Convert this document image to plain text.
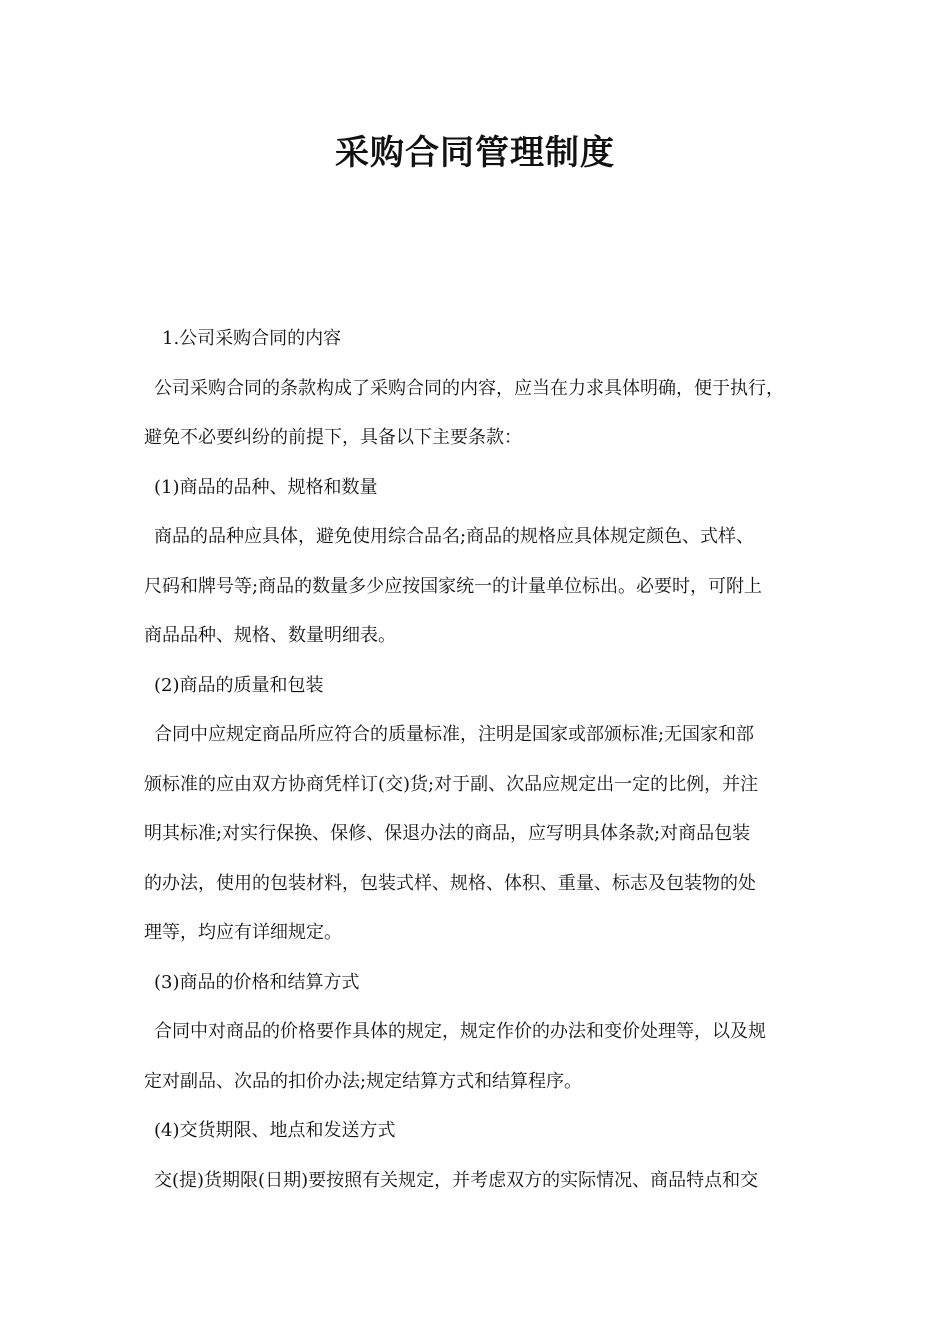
采购合同管理制度
1.公司采购合同的内容
公司采购合同的条款构成了采购合同的内容，应当在力求具体明确，便于执行，
避免不必要纠纷的前提下，具备以下主要条款：
(1)商品的品种、规格和数量
商品的品种应具体，避免使用综合品名;商品的规格应具体规定颜色、式样、
尺码和牌号等;商品的数量多少应按国家统一的计量单位标出。必要时，可附上
商品品种、规格、数量明细表。
(2)商品的质量和包装
合同中应规定商品所应符合的质量标准，注明是国家或部颁标准;无国家和部
颁标准的应由双方协商凭样订(交)货;对于副、次品应规定出一定的比例，并注
明其标准;对实行保换、保修、保退办法的商品，应写明具体条款;对商品包装
的办法，使用的包装材料，包装式样、规格、体积、重量、标志及包装物的处
理等，均应有详细规定。
(3)商品的价格和结算方式
合同中对商品的价格要作具体的规定，规定作价的办法和变价处理等，以及规
定对副品、次品的扣价办法;规定结算方式和结算程序。
(4)交货期限、地点和发送方式
交(提)货期限(日期)要按照有关规定，并考虑双方的实际情况、商品特点和交
